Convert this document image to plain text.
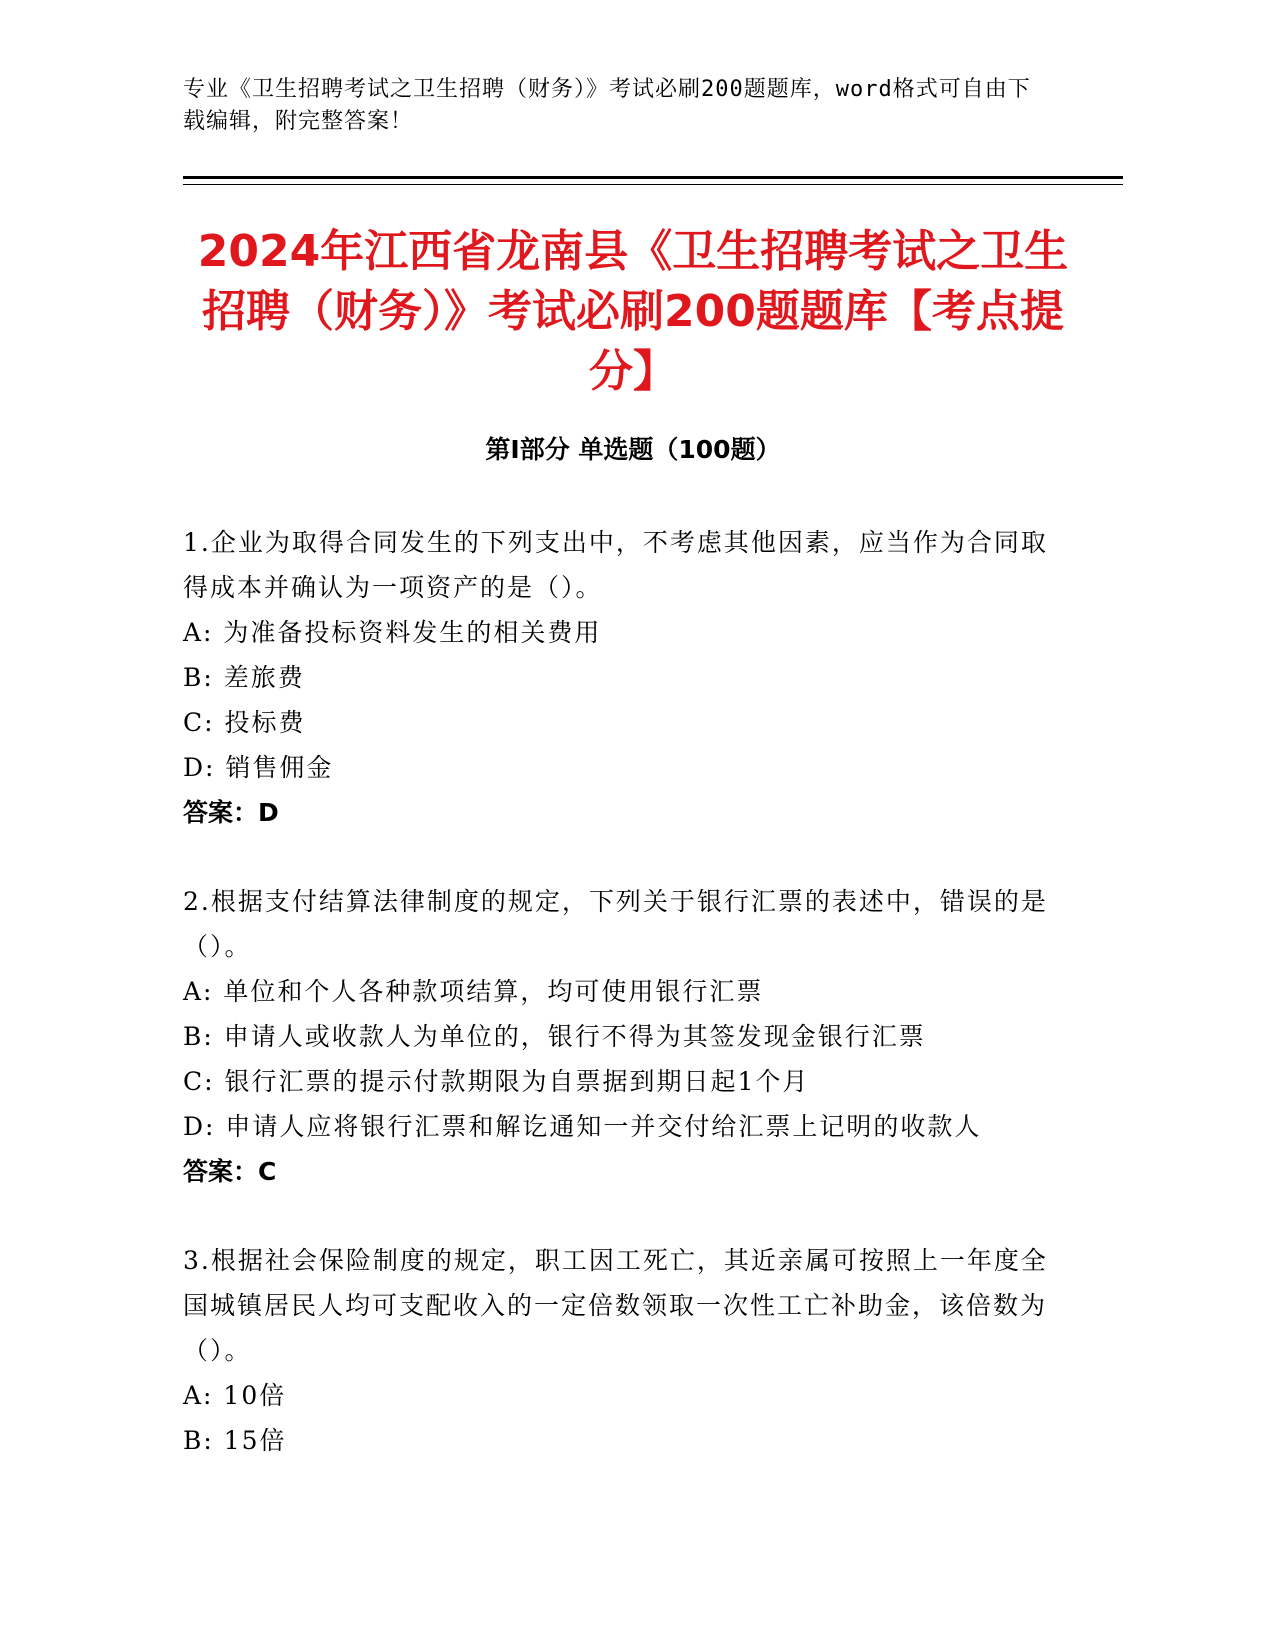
专业《卫生招聘考试之卫生招聘（财务）》考试必刷200题题库，word格式可自由下载编辑，附完整答案！
2024年江西省龙南县《卫生招聘考试之卫生招聘（财务）》考试必刷200题题库【考点提分】
第I部分 单选题（100题）

1.企业为取得合同发生的下列支出中，不考虑其他因素，应当作为合同取得成本并确认为一项资产的是（）。

A: 为准备投标资料发生的相关费用
B: 差旅费
C: 投标费
D: 销售佣金
答案：D

2.根据支付结算法律制度的规定，下列关于银行汇票的表述中，错误的是（）。

A: 单位和个人各种款项结算，均可使用银行汇票
B: 申请人或收款人为单位的，银行不得为其签发现金银行汇票
C: 银行汇票的提示付款期限为自票据到期日起1个月
D: 申请人应将银行汇票和解讫通知一并交付给汇票上记明的收款人
答案：C

3.根据社会保险制度的规定，职工因工死亡，其近亲属可按照上一年度全国城镇居民人均可支配收入的一定倍数领取一次性工亡补助金，该倍数为（）。

A: 10倍
B: 15倍
